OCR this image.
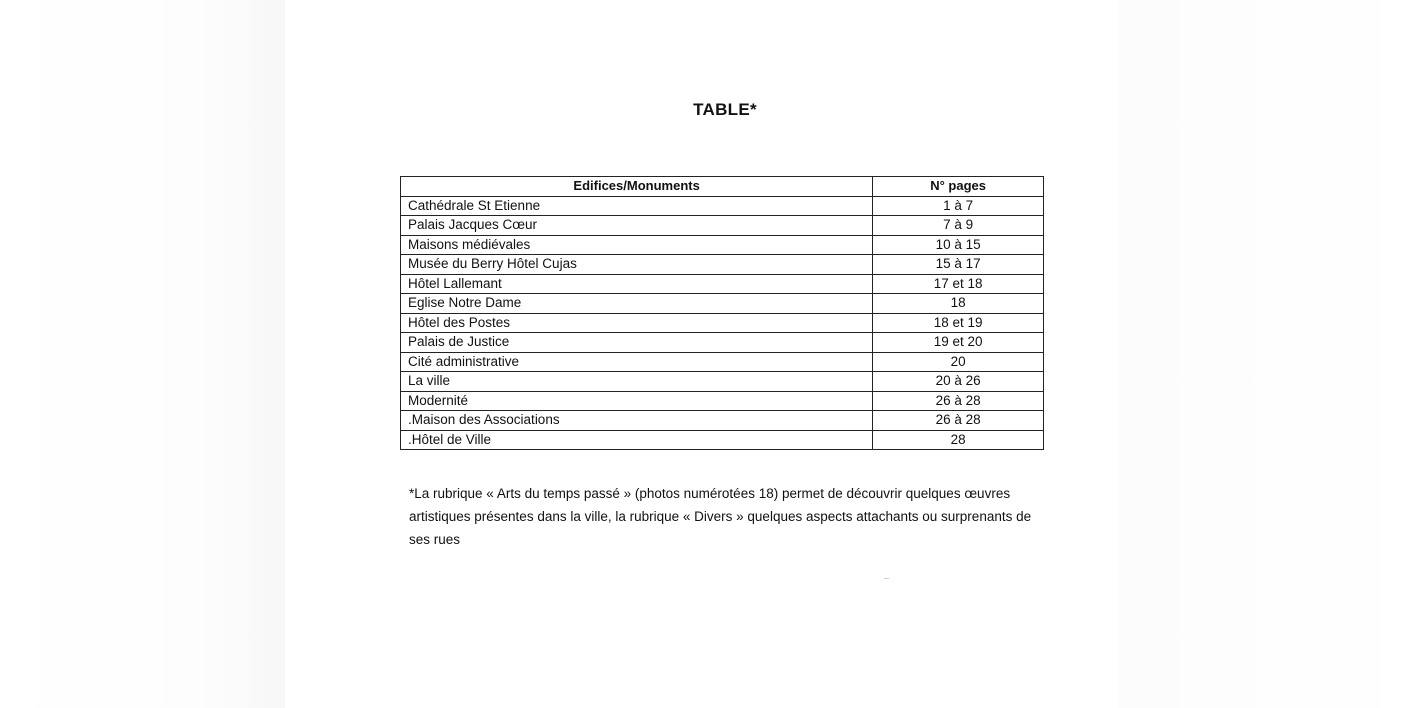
TABLE*
Edifices/Monuments	N° pages
Cathédrale St Etienne	1 à 7
Palais Jacques Cœur	7 à 9
Maisons médiévales	10 à 15
Musée du Berry Hôtel Cujas	15 à 17
Hôtel Lallemant	17 et 18
Eglise Notre Dame	18
Hôtel des Postes	18 et 19
Palais de Justice	19 et 20
Cité administrative	20
La ville	20 à 26
Modernité	26 à 28
.Maison des Associations	26 à 28
.Hôtel de Ville	28
*La rubrique « Arts du temps passé » (photos numérotées 18) permet de découvrir quelques œuvres artistiques présentes dans la ville, la rubrique « Divers » quelques aspects attachants ou surprenants de ses rues
